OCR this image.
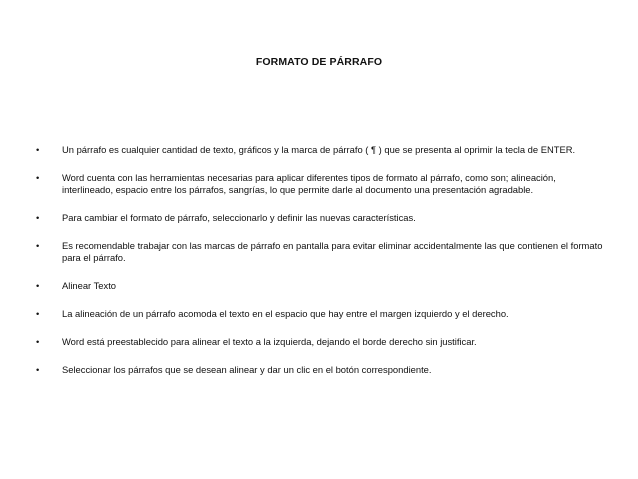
FORMATO DE PÁRRAFO
•	Un párrafo es cualquier cantidad de texto, gráficos y la marca de párrafo ( ¶ ) que se presenta al oprimir la tecla de ENTER.
•	Word cuenta con las herramientas necesarias para aplicar diferentes tipos de formato al párrafo, como son; alineación, interlineado, espacio entre los párrafos, sangrías, lo que permite darle al documento una presentación agradable.
•	Para cambiar el formato de párrafo, seleccionarlo y definir las nuevas características.
•	Es recomendable trabajar con las marcas de párrafo en pantalla para evitar eliminar accidentalmente las que contienen el formato para el párrafo.
•	Alinear Texto
•	La alineación de un párrafo acomoda el texto en el espacio que hay entre el margen izquierdo y el derecho.
•	Word está preestablecido para alinear el texto a la izquierda, dejando el borde derecho sin justificar.
•	Seleccionar los párrafos que se desean alinear y dar un clic en el botón correspondiente.
